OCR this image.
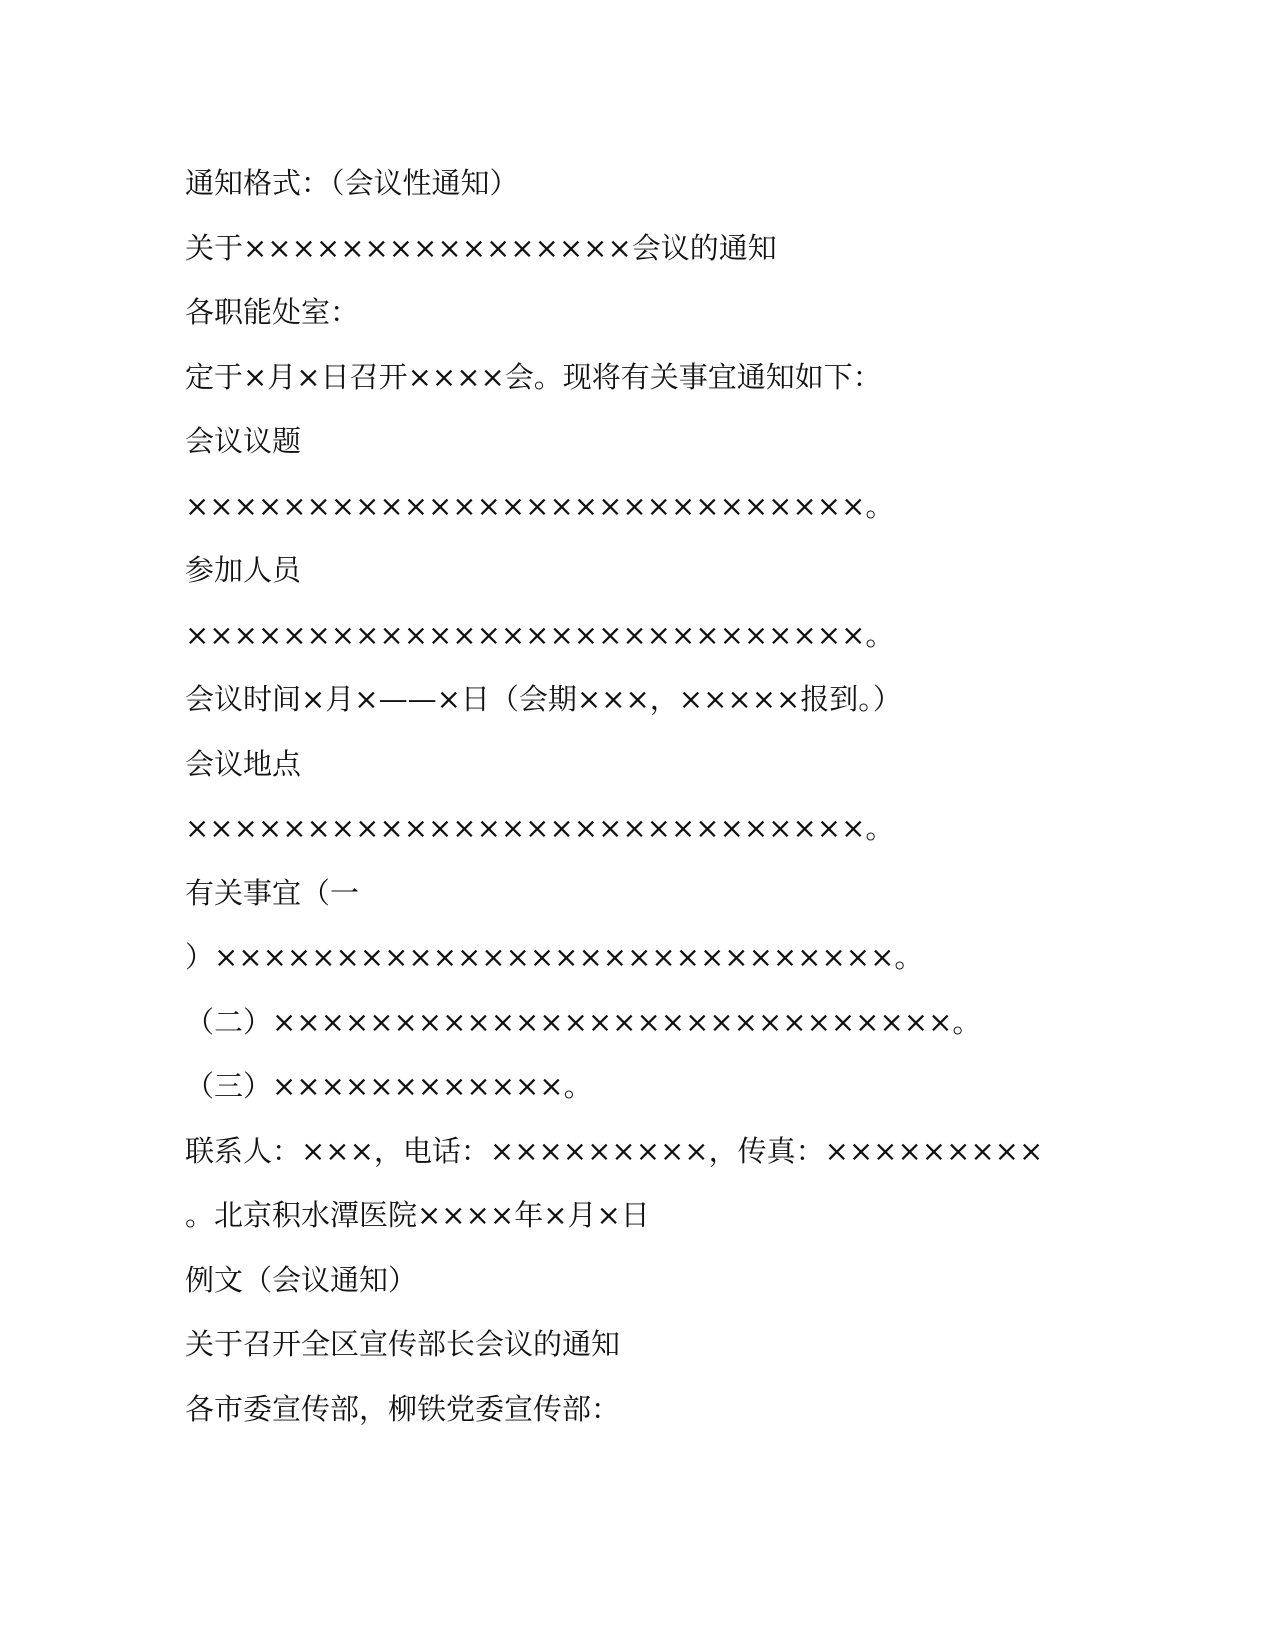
通知格式：（会议性通知）
关于××××××××××××××××会议的通知
各职能处室：
定于×月×日召开××××会。现将有关事宜通知如下：
会议议题
××××××××××××××××××××××××××××。
参加人员
××××××××××××××××××××××××××××。
会议时间×月×——×日（会期×××，×××××报到。）
会议地点
××××××××××××××××××××××××××××。
有关事宜（一
）××××××××××××××××××××××××××××。
（二）××××××××××××××××××××××××××××。
（三）××××××××××××。
联系人：×××，电话：×××××××××，传真：×××××××××
。北京积水潭医院××××年×月×日
例文（会议通知）
关于召开全区宣传部长会议的通知
各市委宣传部，柳铁党委宣传部：
